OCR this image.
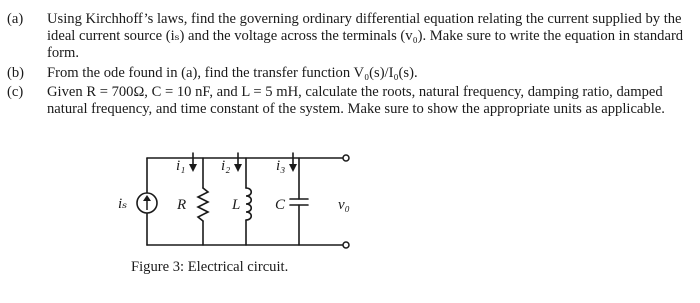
(a) Using Kirchhoff’s laws, find the governing ordinary differential equation relating the current supplied by the ideal current source (iₛ) and the voltage across the terminals (v₀). Make sure to write the equation in standard form.
(b) From the ode found in (a), find the transfer function V₀(s)/I₀(s).
(c) Given R = 700Ω, C = 10 nF, and L = 5 mH, calculate the roots, natural frequency, damping ratio, damped natural frequency, and time constant of the system. Make sure to show the appropriate units as applicable.
iₛ
i₁ i₂	i₃
R	L C	v₀
Figure 3: Electrical circuit.
